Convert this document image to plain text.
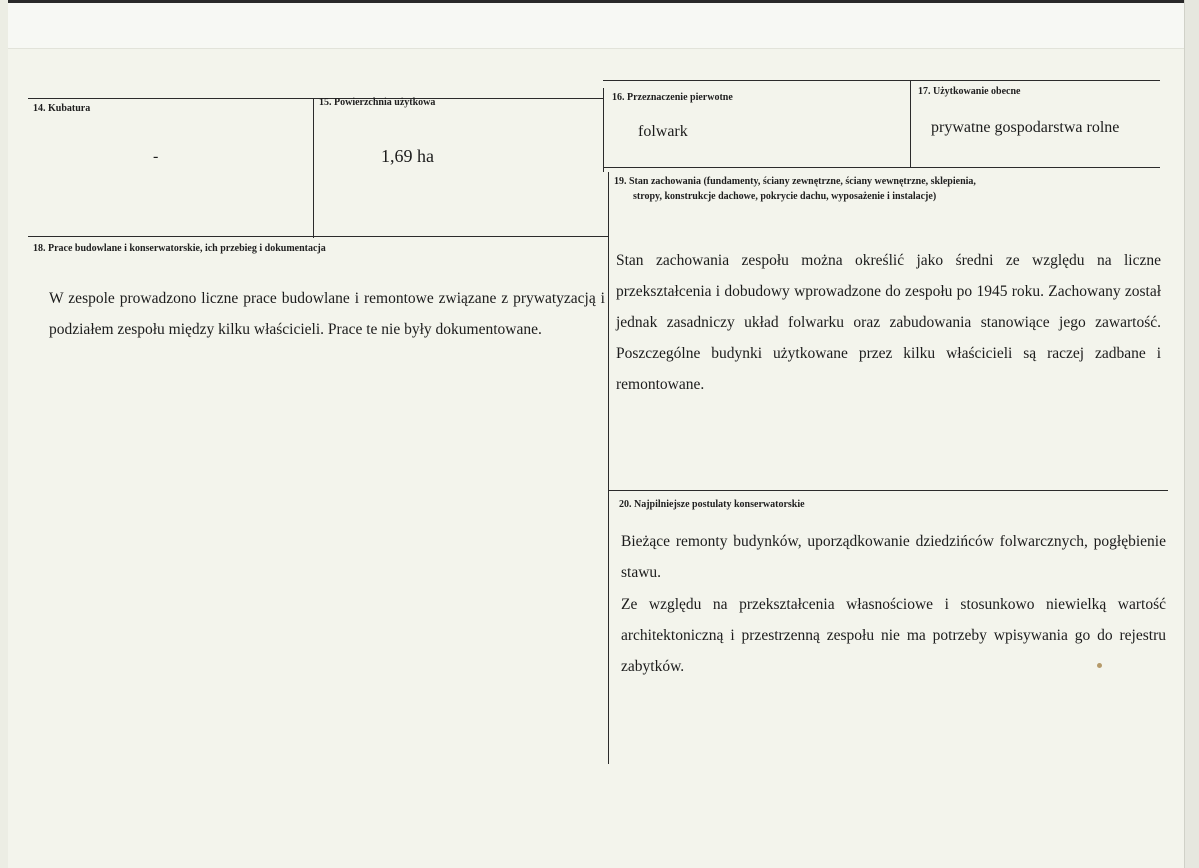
14. Kubatura
-
15. Powierzchnia użytkowa
1,69 ha
16. Przeznaczenie pierwotne
folwark
17. Użytkowanie obecne
prywatne gospodarstwa rolne
18. Prace budowlane i konserwatorskie, ich przebieg i dokumentacja

W zespole prowadzono liczne prace budowlane i remontowe związane z prywatyzacją i podziałem zespołu między kilku właścicieli. Prace te nie były dokumentowane.

19. Stan zachowania (fundamenty, ściany zewnętrzne, ściany wewnętrzne, sklepienia,
stropy, konstrukcje dachowe, pokrycie dachu, wyposażenie i instalacje)

Stan zachowania zespołu można określić jako średni ze względu na liczne przekształcenia i dobudowy wprowadzone do zespołu po 1945 roku. Zachowany został jednak zasadniczy układ folwarku oraz zabudowania stanowiące jego zawartość. Poszczególne budynki użytkowane przez kilku właścicieli są raczej zadbane i remontowane.

20. Najpilniejsze postulaty konserwatorskie

Bieżące remonty budynków, uporządkowanie dziedzińców folwarcznych, pogłębienie stawu.

Ze względu na przekształcenia własnościowe i stosunkowo niewielką wartość architektoniczną i przestrzenną zespołu nie ma potrzeby wpisywania go do rejestru zabytków.
